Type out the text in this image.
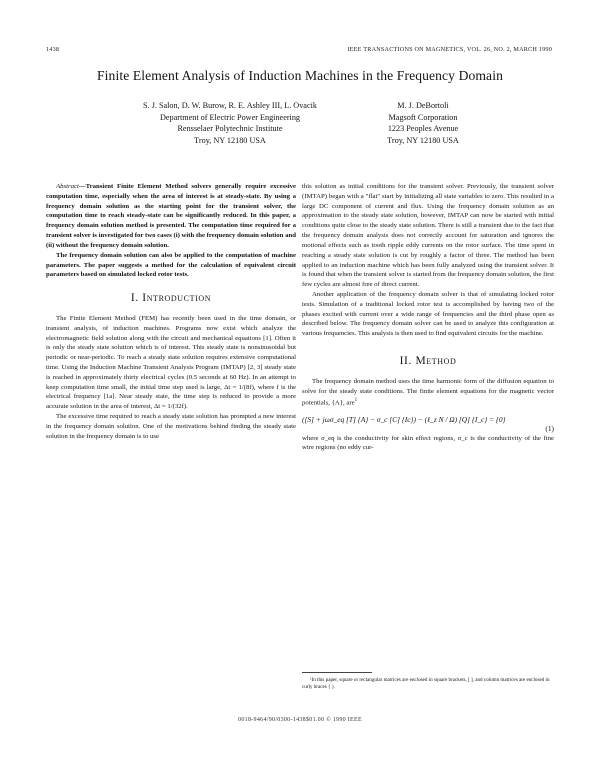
1438	IEEE TRANSACTIONS ON MAGNETICS, VOL. 26, NO. 2, MARCH 1990
Finite Element Analysis of Induction Machines in the Frequency Domain
S. J. Salon, D. W. Burow, R. E. Ashley III, L. Ovacik
Department of Electric Power Engineering
Rensselaer Polytechnic Institute
Troy, NY 12180 USA
M. J. DeBortoli
Magsoft Corporation
1223 Peoples Avenue
Troy, NY 12180 USA

Abstract—Transient Finite Element Method solvers generally require excessive computation time, especially when the area of interest is at steady-state. By using a frequency domain solution as the starting point for the transient solver, the computation time to reach steady-state can be significantly reduced. In this paper, a frequency domain solution method is presented. The computation time required for a transient solver is investigated for two cases (i) with the frequency domain solution and (ii) without the frequency domain solution.

The frequency domain solution can also be applied to the computation of machine parameters. The paper suggests a method for the calculation of equivalent circuit parameters based on simulated locked rotor tests.

I. Introduction

The Finite Element Method (FEM) has recently been used in the time domain, or transient analysis, of induction machines. Programs now exist which analyze the electromagnetic field solution along with the circuit and mechanical equations [1]. Often it is only the steady state solution which is of interest. This steady state is nonsinusoidal but periodic or near-periodic. To reach a steady state solution requires extensive computational time. Using the Induction Machine Transient Analysis Program (IMTAP) [2, 3] steady state is reached in approximately thirty electrical cycles (0.5 seconds at 60 Hz). In an attempt to keep computation time small, the initial time step used is large, Δt = 1/(8f), where f is the electrical frequency [1a]. Near steady state, the time step is reduced to provide a more accurate solution in the area of interest, Δt = 1/(32f).

The excessive time required to reach a steady state solution has prompted a new interest in the frequency domain solution. One of the motivations behind finding the steady state solution in the frequency domain is to use

this solution as initial conditions for the transient solver. Previously, the transient solver (IMTAP) began with a "flat" start by initializing all state variables to zero. This resulted in a large DC component of current and flux. Using the frequency domain solution as an approximation to the steady state solution, however, IMTAP can now be started with initial conditions quite close to the steady state solution. There is still a transient due to the fact that the frequency domain analysis does not correctly account for saturation and ignores the motional effects such as tooth ripple eddy currents on the rotor surface. The time spent in reaching a steady state solution is cut by roughly a factor of three. The method has been applied to an induction machine which has been fully analyzed using the transient solver. It is found that when the transient solver is started from the frequency domain solution, the first few cycles are almost free of direct current.

Another application of the frequency domain solver is that of simulating locked rotor tests. Simulation of a traditional locked rotor test is accomplished by having two of the phases excited with current over a wide range of frequencies and the third phase open as described below. The frequency domain solver can be used to analyze this configuration at various frequencies. This analysis is then used to find equivalent circuits for the machine.

II. Method

The frequency domain method uses the time harmonic form of the diffusion equation to solve for the steady state conditions. The finite element equations for the magnetic vector potentials, {A}, are$^1$

([S] + jωσ_eq [T] {A} − σ_c [C] {Ic}) − (ℓ_z N / Ω) [Q] {I_c} = {0}
(1)

where σ_eq is the conductivity for skin effect regions, σ_c is the conductivity of the fine wire regions (no eddy cur-

¹In this paper, square or rectangular matrices are enclosed in square brackets, [ ], and column matrices are enclosed in curly braces { }.
0018-9464/90/0300-1438$01.00 © 1990 IEEE
